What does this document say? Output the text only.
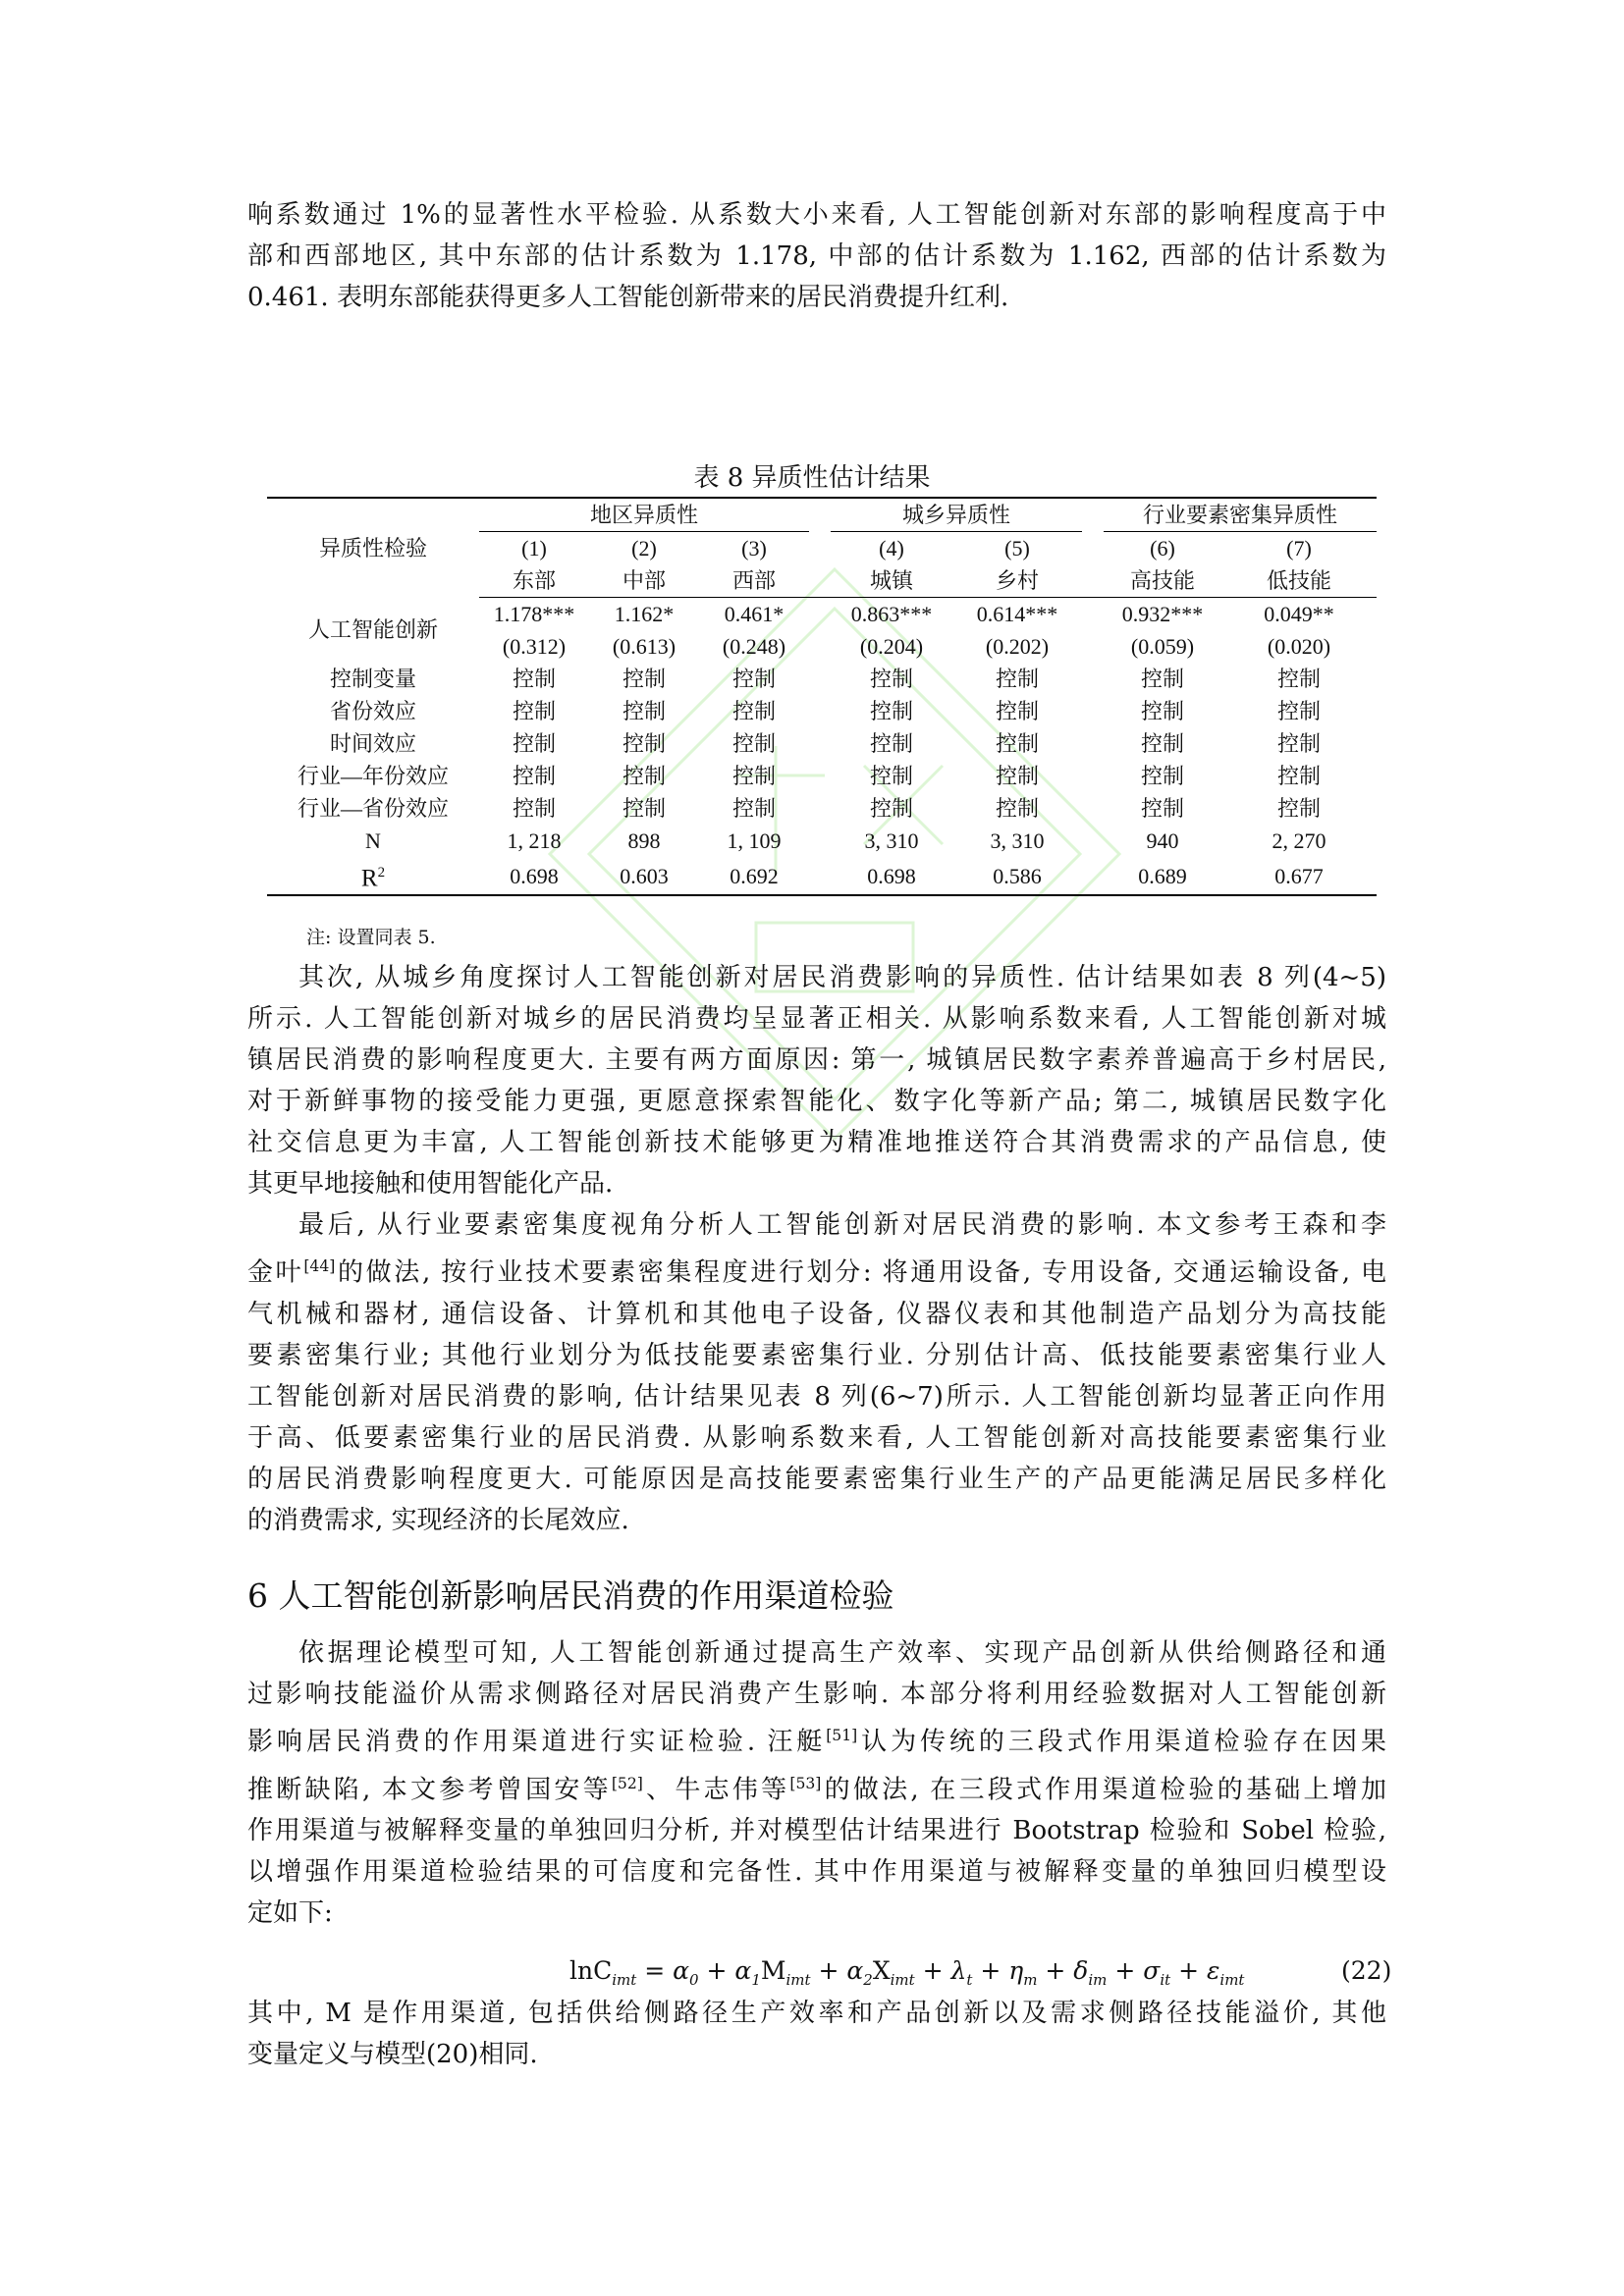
响系数通过 1%的显著性水平检验. 从系数大小来看, 人工智能创新对东部的影响程度高于中
部和西部地区, 其中东部的估计系数为 1.178, 中部的估计系数为 1.162, 西部的估计系数为
0.461. 表明东部能获得更多人工智能创新带来的居民消费提升红利.
表 8 异质性估计结果
异质性检验	地区异质性				城乡异质性			行业要素密集异质性	
	(1)	(2)	(3)		(4)	(5)		(6)	(7)
	东部	中部	西部		城镇	乡村		高技能	低技能
人工智能创新	1.178***	1.162*	0.461*		0.863***	0.614***		0.932***	0.049**
	(0.312)	(0.613)	(0.248)		(0.204)	(0.202)		(0.059)	(0.020)
控制变量	控制	控制	控制		控制	控制		控制	控制
省份效应	控制	控制	控制		控制	控制		控制	控制
时间效应	控制	控制	控制		控制	控制		控制	控制
行业—年份效应	控制	控制	控制		控制	控制		控制	控制
行业—省份效应	控制	控制	控制		控制	控制		控制	控制
N	1, 218	898	1, 109		3, 310	3, 310		940	2, 270
$R^2$	0.698	0.603	0.692		0.698	0.586		0.689	0.677
注: 设置同表 5.
其次, 从城乡角度探讨人工智能创新对居民消费影响的异质性. 估计结果如表 8 列(4~5)
所示. 人工智能创新对城乡的居民消费均呈显著正相关. 从影响系数来看, 人工智能创新对城
镇居民消费的影响程度更大. 主要有两方面原因: 第一, 城镇居民数字素养普遍高于乡村居民,
对于新鲜事物的接受能力更强, 更愿意探索智能化、数字化等新产品; 第二, 城镇居民数字化
社交信息更为丰富, 人工智能创新技术能够更为精准地推送符合其消费需求的产品信息, 使
其更早地接触和使用智能化产品.
最后, 从行业要素密集度视角分析人工智能创新对居民消费的影响. 本文参考王森和李
金叶[44]的做法, 按行业技术要素密集程度进行划分: 将通用设备, 专用设备, 交通运输设备, 电
气机械和器材, 通信设备、计算机和其他电子设备, 仪器仪表和其他制造产品划分为高技能
要素密集行业; 其他行业划分为低技能要素密集行业. 分别估计高、低技能要素密集行业人
工智能创新对居民消费的影响, 估计结果见表 8 列(6~7)所示. 人工智能创新均显著正向作用
于高、低要素密集行业的居民消费. 从影响系数来看, 人工智能创新对高技能要素密集行业
的居民消费影响程度更大. 可能原因是高技能要素密集行业生产的产品更能满足居民多样化
的消费需求, 实现经济的长尾效应.
6 人工智能创新影响居民消费的作用渠道检验
依据理论模型可知, 人工智能创新通过提高生产效率、实现产品创新从供给侧路径和通
过影响技能溢价从需求侧路径对居民消费产生影响. 本部分将利用经验数据对人工智能创新
影响居民消费的作用渠道进行实证检验. 汪艇[51]认为传统的三段式作用渠道检验存在因果
推断缺陷, 本文参考曾国安等[52]、牛志伟等[53]的做法, 在三段式作用渠道检验的基础上增加
作用渠道与被解释变量的单独回归分析, 并对模型估计结果进行 Bootstrap 检验和 Sobel 检验,
以增强作用渠道检验结果的可信度和完备性. 其中作用渠道与被解释变量的单独回归模型设
定如下:
$\ln C_{imt} = \alpha_0 + \alpha_1M_{imt} + \alpha_2X_{imt} + \lambda_t + \eta_m + \delta_{im} + \sigma_{it} + \varepsilon_{imt}$	(22)
其中, M 是作用渠道, 包括供给侧路径生产效率和产品创新以及需求侧路径技能溢价, 其他
变量定义与模型(20)相同.
